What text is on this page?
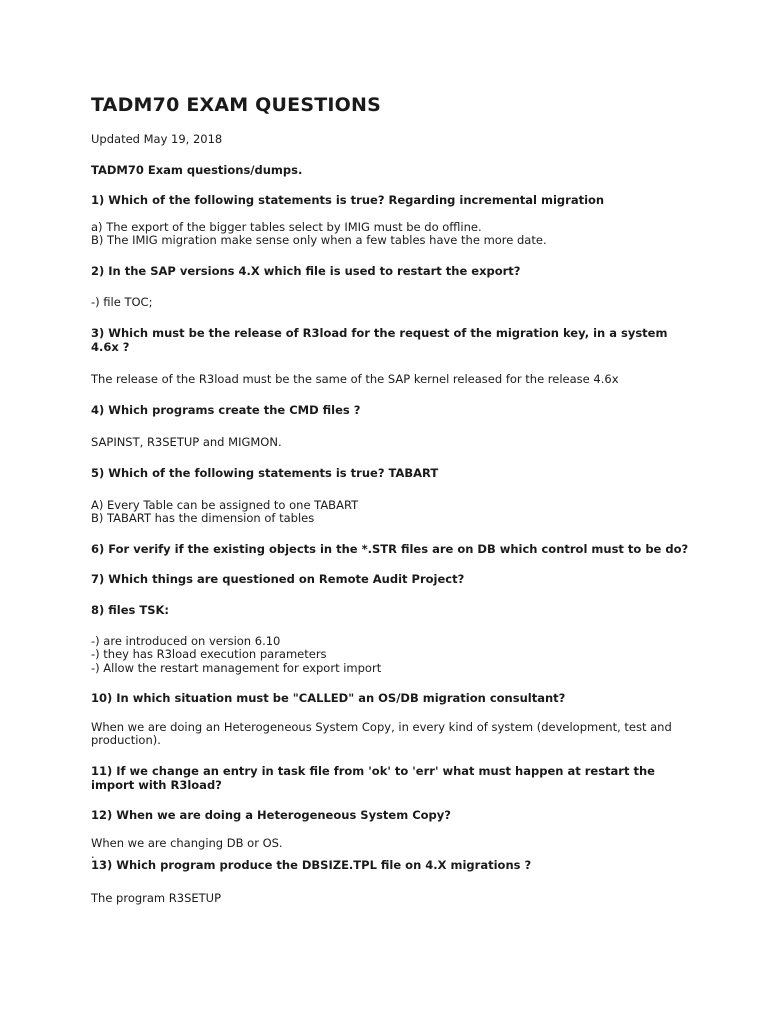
TADM70 EXAM QUESTIONS
Updated May 19, 2018
TADM70 Exam questions/dumps.
1) Which of the following statements is true? Regarding incremental migration
a) The export of the bigger tables select by IMIG must be do offline.
B) The IMIG migration make sense only when a few tables have the more date.
2) In the SAP versions 4.X which file is used to restart the export?
-) file TOC;
3) Which must be the release of R3load for the request of the migration key, in a system 4.6x ?
The release of the R3load must be the same of the SAP kernel released for the release 4.6x
4) Which programs create the CMD files ?
SAPINST, R3SETUP and MIGMON.
5) Which of the following statements is true? TABART
A) Every Table can be assigned to one TABART
B) TABART has the dimension of tables
6) For verify if the existing objects in the *.STR files are on DB which control must to be do?
7) Which things are questioned on Remote Audit Project?
8) files TSK:
-) are introduced on version 6.10
-) they has R3load execution parameters
-) Allow the restart management for export import
10) In which situation must be "CALLED" an OS/DB migration consultant?
When we are doing an Heterogeneous System Copy, in every kind of system (development, test and production).
11) If we change an entry in task file from 'ok' to 'err' what must happen at restart the import with R3load?
12) When we are doing a Heterogeneous System Copy?
When we are changing DB or OS.
.
13) Which program produce the DBSIZE.TPL file on 4.X migrations ?
The program R3SETUP
